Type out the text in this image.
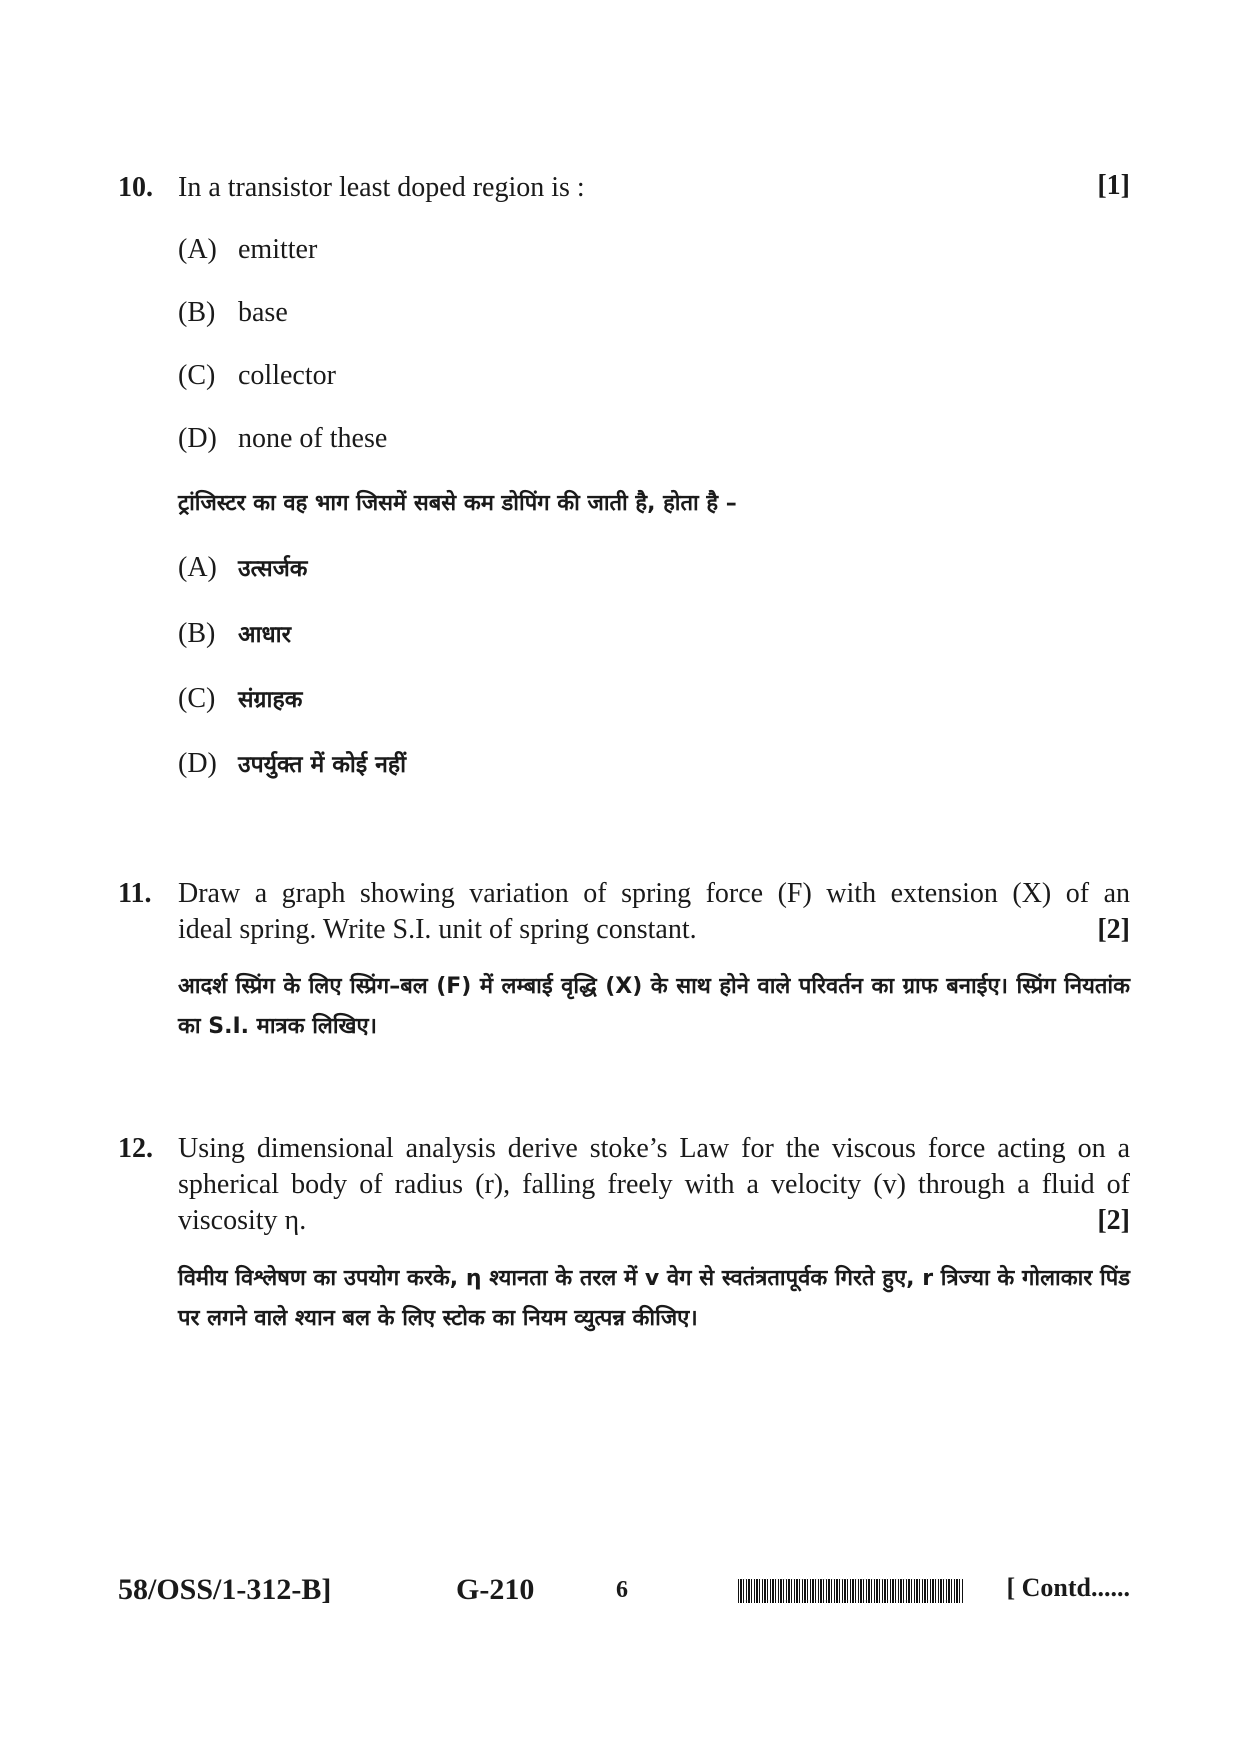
10. In a transistor least doped region is :	[1]
(A) emitter
(B) base
(C) collector
(D) none of these
ट्रांजिस्टर का वह भाग जिसमें सबसे कम डोपिंग की जाती है, होता है –
(A) उत्सर्जक
(B) आधार
(C) संग्राहक
(D) उपर्युक्त में कोई नहीं
11. Draw a graph showing variation of spring force (F) with extension (X) of an
ideal spring. Write S.I. unit of spring constant.	[2]
आदर्श स्प्रिंग के लिए स्प्रिंग–बल (F) में लम्बाई वृद्धि (X) के साथ होने वाले परिवर्तन का ग्राफ बनाईए। स्प्रिंग नियतांक का S.I. मात्रक लिखिए।
12. Using dimensional analysis derive stoke’s Law for the viscous force acting on a
spherical body of radius (r), falling freely with a velocity (v) through a fluid of
viscosity η.	[2]
विमीय विश्लेषण का उपयोग करके, η श्यानता के तरल में v वेग से स्वतंत्रतापूर्वक गिरते हुए, r त्रिज्या के गोलाकार पिंड पर लगने वाले श्यान बल के लिए स्टोक का नियम व्युत्पन्न कीजिए।
58/OSS/1-312-B]	G-210	6	[ Contd......
